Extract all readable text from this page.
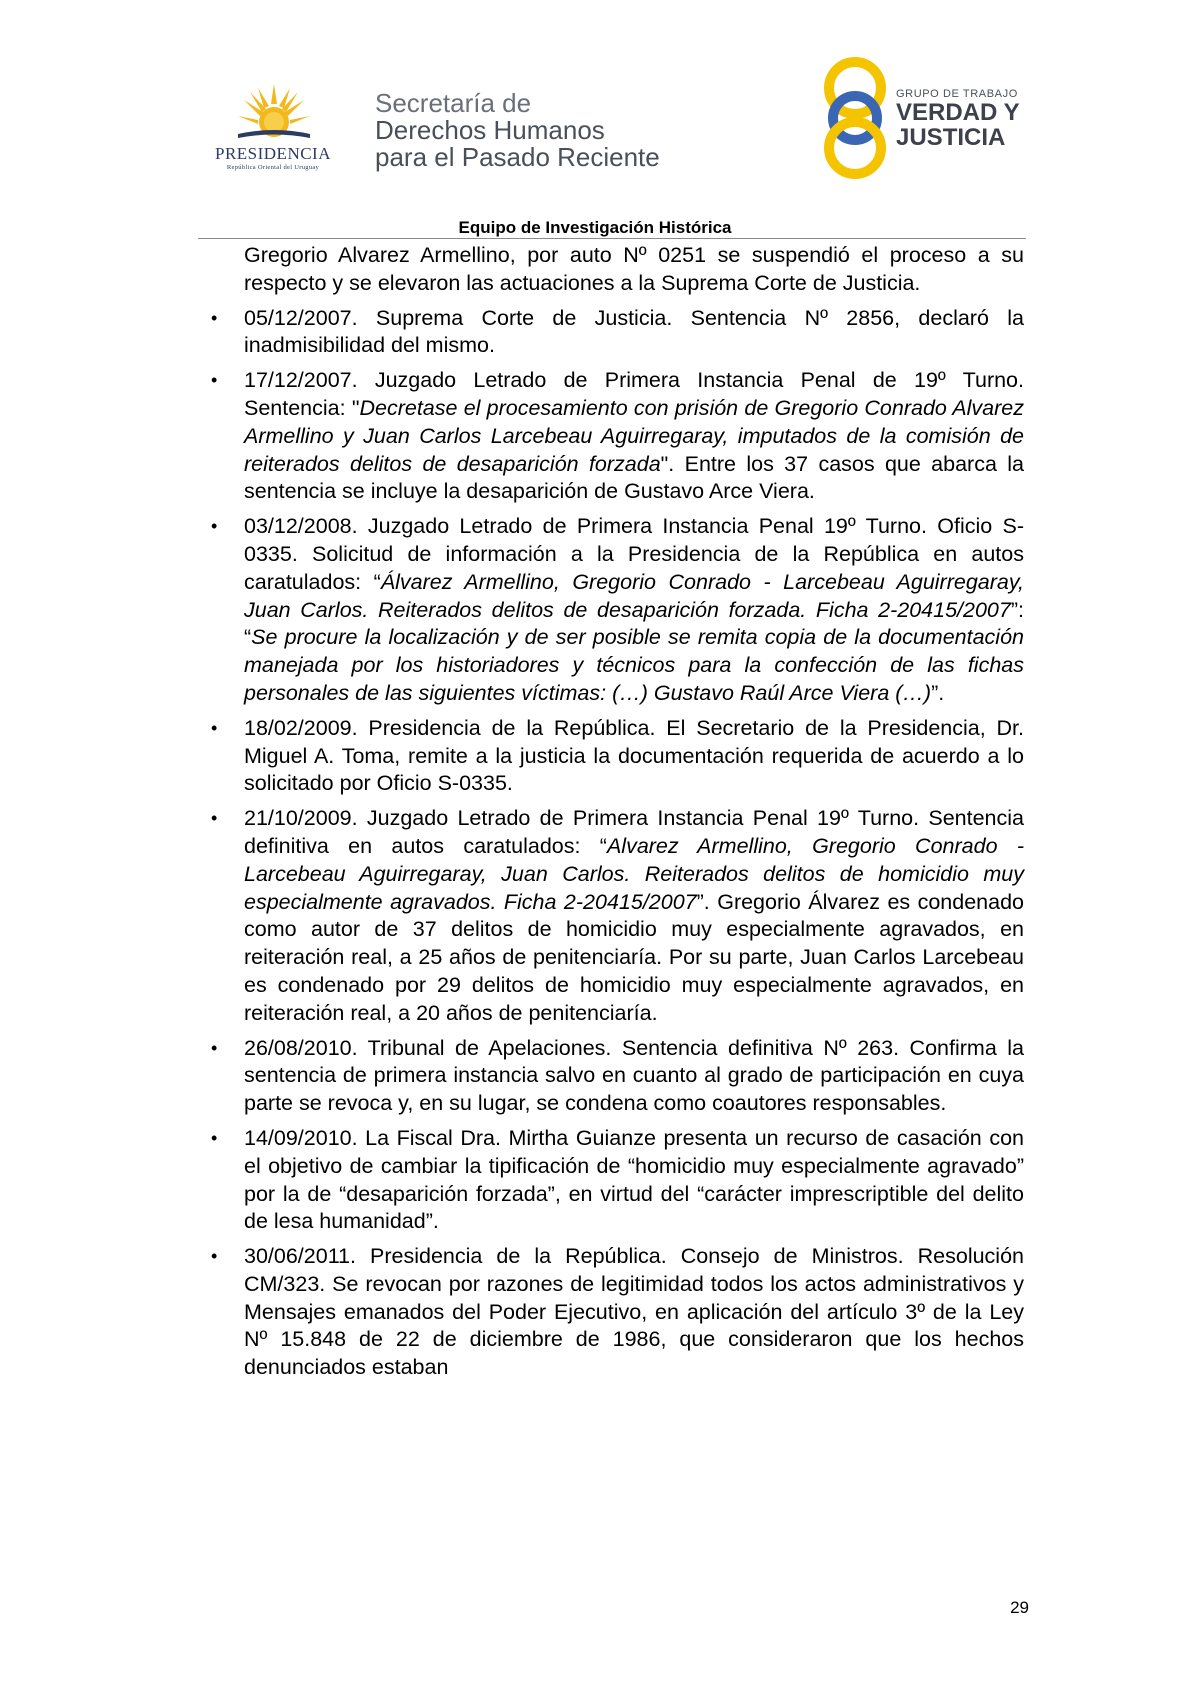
PRESIDENCIA
República Oriental del Uruguay
Secretaría de
Derechos Humanos
para el Pasado Reciente
GRUPO DE TRABAJO
VERDAD Y
JUSTICIA
Equipo de Investigación Histórica

Gregorio Alvarez Armellino, por auto Nº 0251 se suspendió el proceso a su respecto y se elevaron las actuaciones a la Suprema Corte de Justicia.

• 05/12/2007. Suprema Corte de Justicia. Sentencia Nº 2856, declaró la inadmisibilidad del mismo.
• 17/12/2007. Juzgado Letrado de Primera Instancia Penal de 19º Turno. Sentencia: "Decretase el procesamiento con prisión de Gregorio Conrado Alvarez Armellino y Juan Carlos Larcebeau Aguirregaray, imputados de la comisión de reiterados delitos de desaparición forzada". Entre los 37 casos que abarca la sentencia se incluye la desaparición de Gustavo Arce Viera.
• 03/12/2008. Juzgado Letrado de Primera Instancia Penal 19º Turno. Oficio S-0335. Solicitud de información a la Presidencia de la República en autos caratulados: “Álvarez Armellino, Gregorio Conrado - Larcebeau Aguirregaray, Juan Carlos. Reiterados delitos de desaparición forzada. Ficha 2-20415/2007”: “Se procure la localización y de ser posible se remita copia de la documentación manejada por los historiadores y técnicos para la confección de las fichas personales de las siguientes víctimas: (…) Gustavo Raúl Arce Viera (…)”.
• 18/02/2009. Presidencia de la República. El Secretario de la Presidencia, Dr. Miguel A. Toma, remite a la justicia la documentación requerida de acuerdo a lo solicitado por Oficio S-0335.
• 21/10/2009. Juzgado Letrado de Primera Instancia Penal 19º Turno. Sentencia definitiva en autos caratulados: “Alvarez Armellino, Gregorio Conrado - Larcebeau Aguirregaray, Juan Carlos. Reiterados delitos de homicidio muy especialmente agravados. Ficha 2-20415/2007”. Gregorio Álvarez es condenado como autor de 37 delitos de homicidio muy especialmente agravados, en reiteración real, a 25 años de penitenciaría. Por su parte, Juan Carlos Larcebeau es condenado por 29 delitos de homicidio muy especialmente agravados, en reiteración real, a 20 años de penitenciaría.
• 26/08/2010. Tribunal de Apelaciones. Sentencia definitiva Nº 263. Confirma la sentencia de primera instancia salvo en cuanto al grado de participación en cuya parte se revoca y, en su lugar, se condena como coautores responsables.
• 14/09/2010. La Fiscal Dra. Mirtha Guianze presenta un recurso de casación con el objetivo de cambiar la tipificación de “homicidio muy especialmente agravado” por la de “desaparición forzada”, en virtud del “carácter imprescriptible del delito de lesa humanidad”.
• 30/06/2011. Presidencia de la República. Consejo de Ministros. Resolución CM/323. Se revocan por razones de legitimidad todos los actos administrativos y Mensajes emanados del Poder Ejecutivo, en aplicación del artículo 3º de la Ley Nº 15.848 de 22 de diciembre de 1986, que consideraron que los hechos denunciados estaban
29
